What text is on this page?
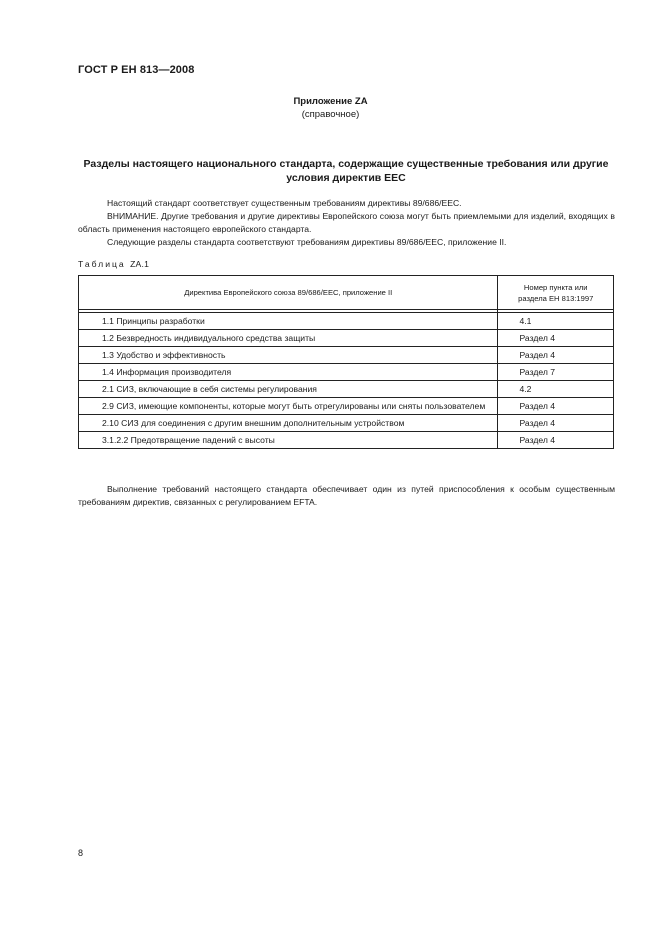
ГОСТ Р ЕН 813—2008
Приложение ZA
(справочное)
Разделы настоящего национального стандарта, содержащие существенные требования или другие условия директив ЕЕС
Настоящий стандарт соответствует существенным требованиям директивы 89/686/ЕЕС.
ВНИМАНИЕ. Другие требования и другие директивы Европейского союза могут быть приемлемыми для изделий, входящих в область применения настоящего европейского стандарта.
Следующие разделы стандарта соответствуют требованиям директивы 89/686/ЕЕС, приложение II.
Таблица ZA.1
Директива Европейского союза 89/686/ЕЕС, приложение II	Номер пункта или
раздела ЕН 813:1997

1.1 Принципы разработки	4.1
1.2 Безвредность индивидуального средства защиты	Раздел 4
1.3 Удобство и эффективность	Раздел 4
1.4 Информация производителя	Раздел 7
2.1 СИЗ, включающие в себя системы регулирования	4.2

2.9 СИЗ, имеющие компоненты, которые могут быть отрегулированы или сняты пользователем	Раздел 4
2.10 СИЗ для соединения с другим внешним дополнительным устройством	Раздел 4
3.1.2.2 Предотвращение падений с высоты	Раздел 4
Выполнение требований настоящего стандарта обеспечивает один из путей приспособления к особым существенным требованиям директив, связанных с регулированием EFTA.
8
